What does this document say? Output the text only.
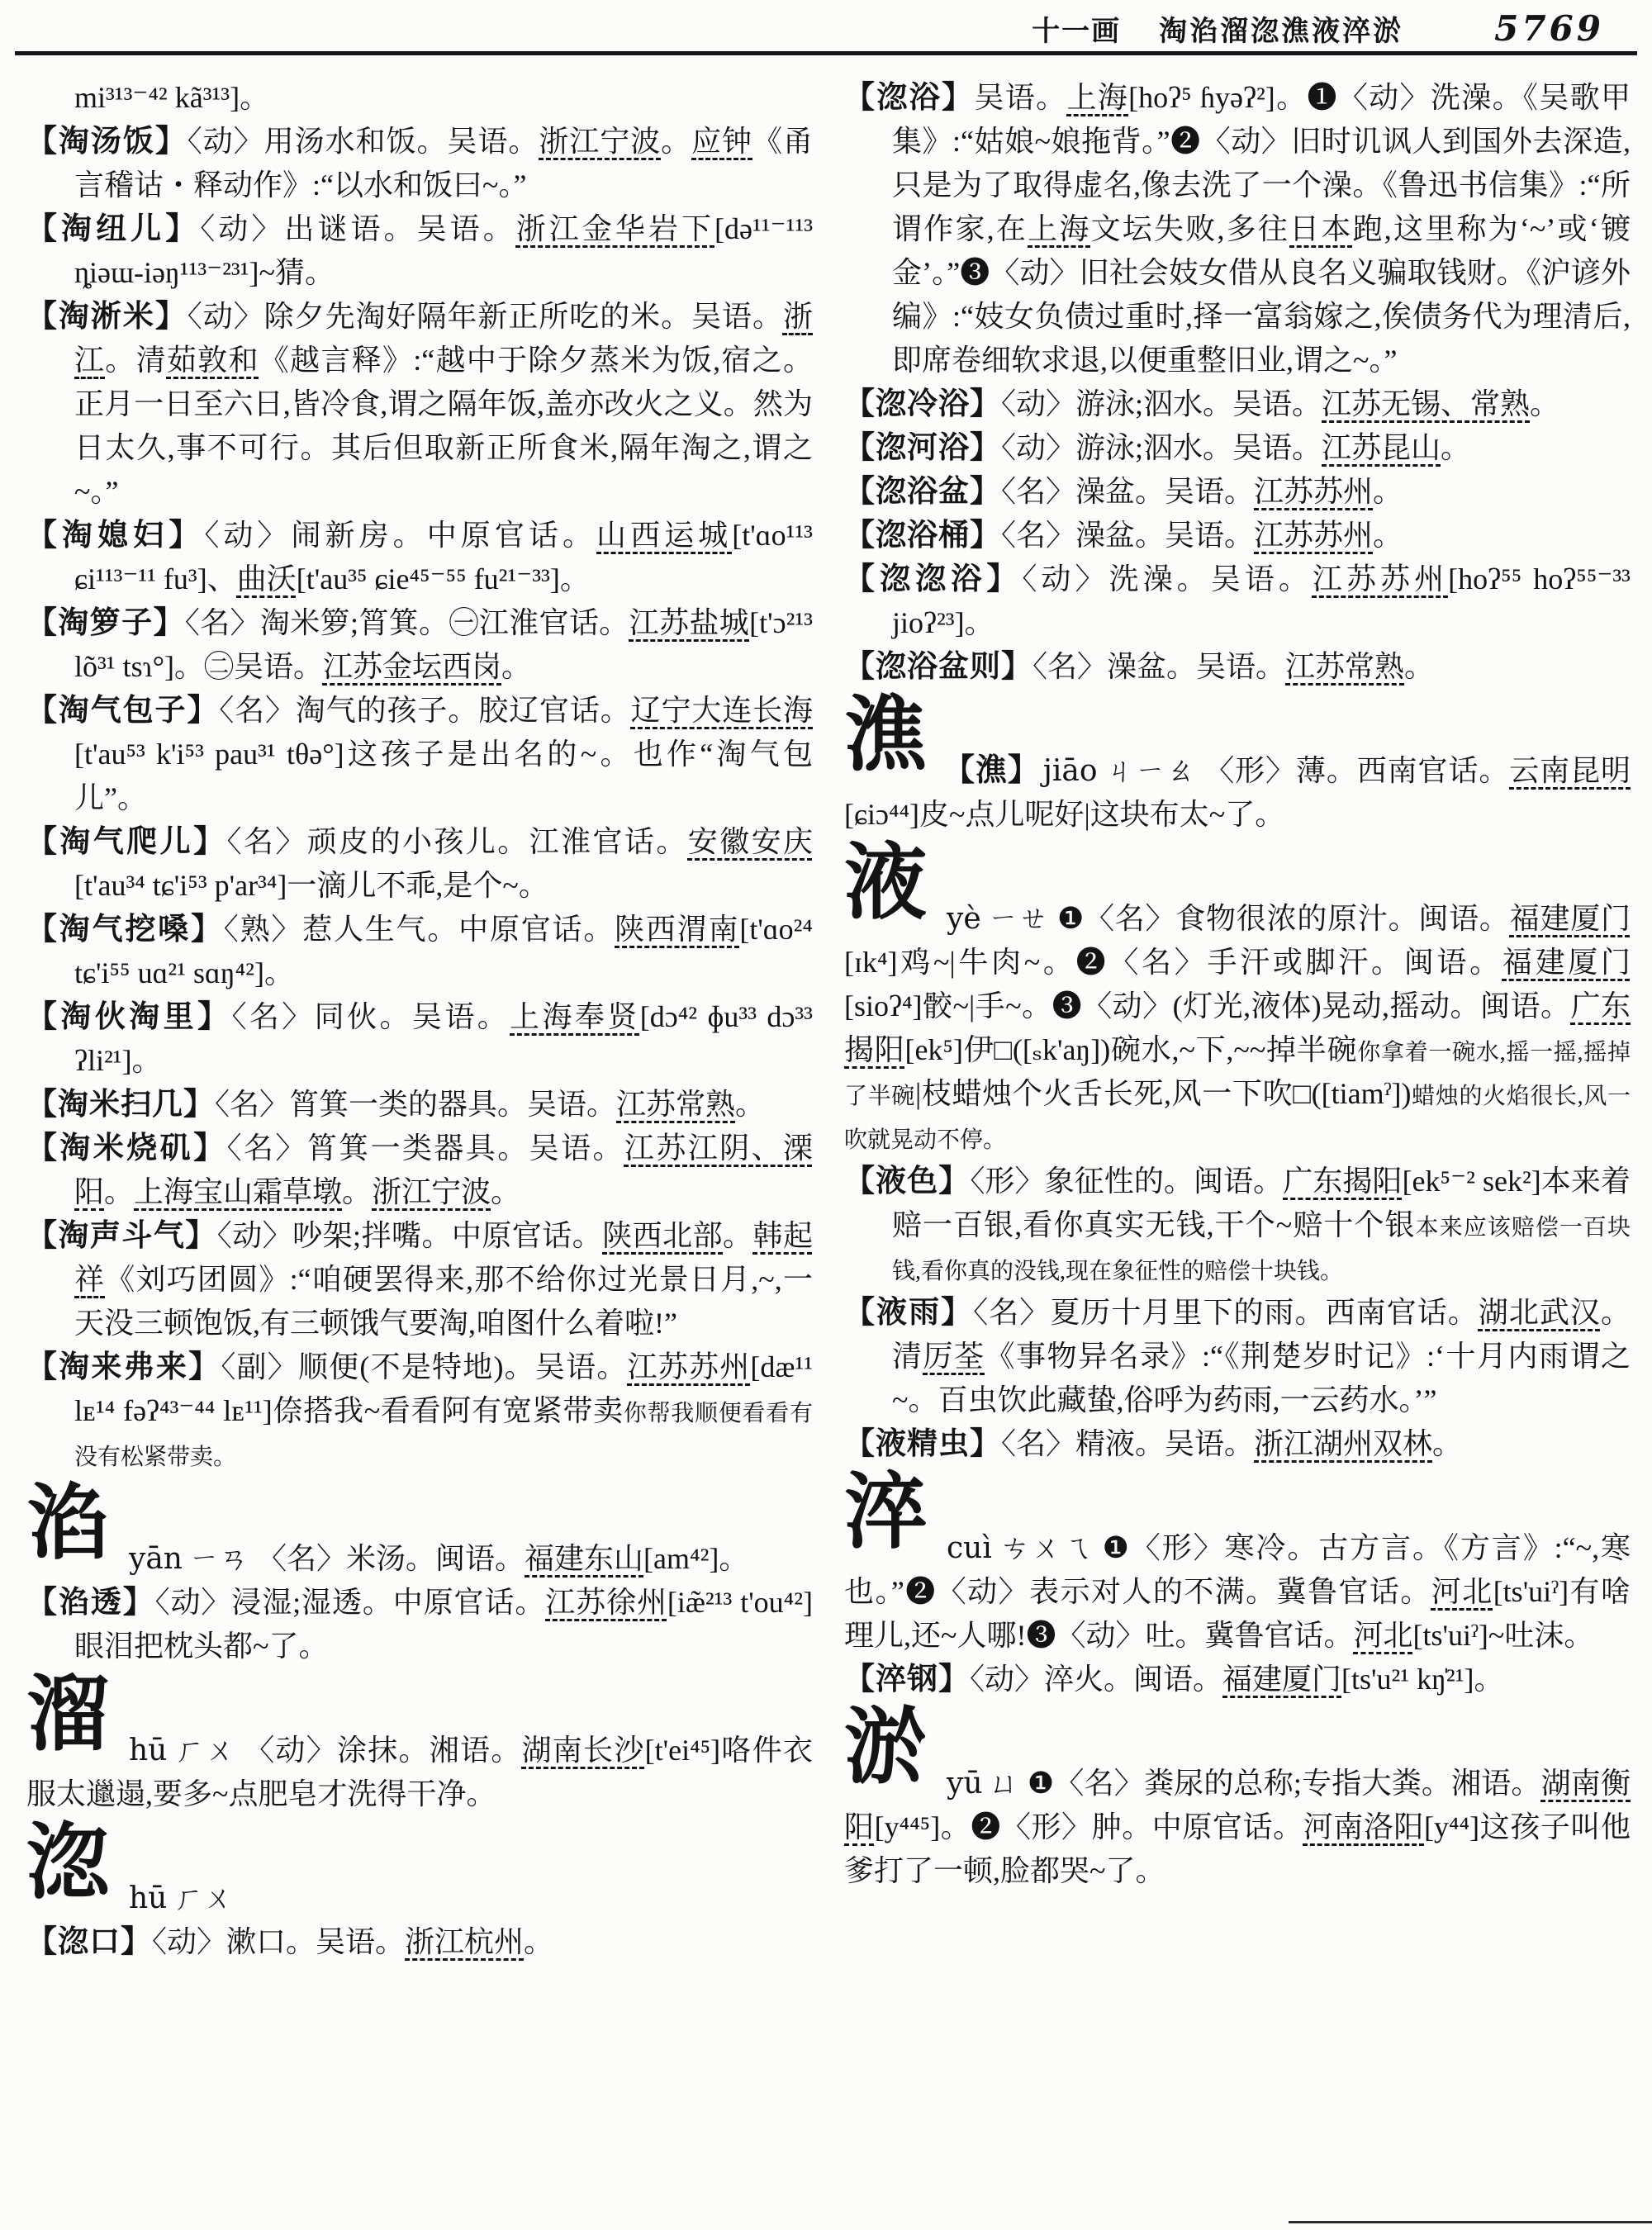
十一画 淘淊溜淴潐液淬淤	5769
mi³¹³⁻⁴² kã³¹³]。
【淘汤饭】〈动〉用汤水和饭。吴语。浙江宁波。应钟《甬言稽诂・释动作》:“以水和饭曰~。”
【淘纽儿】〈动〉出谜语。吴语。浙江金华岩下[də¹¹⁻¹¹³ ȵiəɯ-iəŋ¹¹³⁻²³¹]~猜。
【淘淅米】〈动〉除夕先淘好隔年新正所吃的米。吴语。浙江。清茹敦和《越言释》:“越中于除夕蒸米为饭,宿之。正月一日至六日,皆冷食,谓之隔年饭,盖亦改火之义。然为日太久,事不可行。其后但取新正所食米,隔年淘之,谓之~。”
【淘媳妇】〈动〉闹新房。中原官话。山西运城[t'ɑo¹¹³ ɕi¹¹³⁻¹¹ fu³]、曲沃[t'au³⁵ ɕie⁴⁵⁻⁵⁵ fu²¹⁻³³]。
【淘箩子】〈名〉淘米箩;筲箕。㊀江淮官话。江苏盐城[t'ɔ²¹³ lõ³¹ tsɿ°]。㊁吴语。江苏金坛西岗。
【淘气包子】〈名〉淘气的孩子。胶辽官话。辽宁大连长海[t'au⁵³ k'i⁵³ pau³¹ tθə°]这孩子是出名的~。也作“淘气包儿”。
【淘气爬儿】〈名〉顽皮的小孩儿。江淮官话。安徽安庆[t'au³⁴ tɕ'i⁵³ p'ar³⁴]一滴儿不乖,是个~。
【淘气挖嗓】〈熟〉惹人生气。中原官话。陕西渭南[t'ɑo²⁴ tɕ'i⁵⁵ uɑ²¹ sɑŋ⁴²]。
【淘伙淘里】〈名〉同伙。吴语。上海奉贤[dɔ⁴² ɸu³³ dɔ³³ ʔli²¹]。
【淘米扫几】〈名〉筲箕一类的器具。吴语。江苏常熟。
【淘米烧矶】〈名〉筲箕一类器具。吴语。江苏江阴、溧阳。上海宝山霜草墩。浙江宁波。
【淘声斗气】〈动〉吵架;拌嘴。中原官话。陕西北部。韩起祥《刘巧团圆》:“咱硬罢得来,那不给你过光景日月,~,一天没三顿饱饭,有三顿饿气要淘,咱图什么着啦!”
【淘来弗来】〈副〉顺便(不是特地)。吴语。江苏苏州[dæ¹¹ lᴇ¹⁴ fəʔ⁴³⁻⁴⁴ lᴇ¹¹]倷搭我~看看阿有宽紧带卖你帮我顺便看看有没有松紧带卖。
淊yān ㄧㄢ 〈名〉米汤。闽语。福建东山[am⁴²]。
【淊透】〈动〉浸湿;湿透。中原官话。江苏徐州[iæ̃²¹³ t'ou⁴²]眼泪把枕头都~了。
溜hū ㄏㄨ 〈动〉涂抹。湘语。湖南长沙[t'ei⁴⁵]咯件衣服太邋遢,要多~点肥皂才洗得干净。
淴hū ㄏㄨ
【淴口】〈动〉漱口。吴语。浙江杭州。
【淴浴】吴语。上海[hoʔ⁵ ɦyəʔ²]。❶〈动〉洗澡。《吴歌甲集》:“姑娘~娘拖背。”❷〈动〉旧时讥讽人到国外去深造,只是为了取得虚名,像去洗了一个澡。《鲁迅书信集》:“所谓作家,在上海文坛失败,多往日本跑,这里称为‘~’或‘镀金’。”❸〈动〉旧社会妓女借从良名义骗取钱财。《沪谚外编》:“妓女负债过重时,择一富翁嫁之,俟债务代为理清后,即席卷细软求退,以便重整旧业,谓之~。”
【淴冷浴】〈动〉游泳;泅水。吴语。江苏无锡、常熟。
【淴河浴】〈动〉游泳;泅水。吴语。江苏昆山。
【淴浴盆】〈名〉澡盆。吴语。江苏苏州。
【淴浴桶】〈名〉澡盆。吴语。江苏苏州。
【淴淴浴】〈动〉洗澡。吴语。江苏苏州[hoʔ⁵⁵ hoʔ⁵⁵⁻³³ jioʔ²³]。
【淴浴盆则】〈名〉澡盆。吴语。江苏常熟。
潐 【潐】 jiāo ㄐㄧㄠ 〈形〉薄。西南官话。云南昆明[ɕiɔ⁴⁴]皮~点儿呢好|这块布太~了。
液yè ㄧㄝ ❶〈名〉食物很浓的原汁。闽语。福建厦门[ɪk⁴]鸡~|牛肉~。❷〈名〉手汗或脚汗。闽语。福建厦门[sioʔ⁴]骹~|手~。❸〈动〉(灯光,液体)晃动,摇动。闽语。广东揭阳[ek⁵]伊□([ₛk'aŋ])碗水,~下,~~掉半碗你拿着一碗水,摇一摇,摇掉了半碗|枝蜡烛个火舌长死,风一下吹□([tiamˀ])蜡烛的火焰很长,风一吹就晃动不停。
【液色】〈形〉象征性的。闽语。广东揭阳[ek⁵⁻² sek²]本来着赔一百银,看你真实无钱,干个~赔十个银本来应该赔偿一百块钱,看你真的没钱,现在象征性的赔偿十块钱。
【液雨】〈名〉夏历十月里下的雨。西南官话。湖北武汉。清厉荃《事物异名录》:“《荆楚岁时记》:‘十月内雨谓之~。百虫饮此藏蛰,俗呼为药雨,一云药水。’”
【液精虫】〈名〉精液。吴语。浙江湖州双林。
淬cuì ㄘㄨㄟ ❶〈形〉寒冷。古方言。《方言》:“~,寒也。”❷〈动〉表示对人的不满。冀鲁官话。河北[ts'uiˀ]有啥理儿,还~人哪!❸〈动〉吐。冀鲁官话。河北[ts'uiˀ]~吐沫。
【淬钢】〈动〉淬火。闽语。福建厦门[ts'u²¹ kŋ̍²¹]。
淤yū ㄩ ❶〈名〉粪尿的总称;专指大粪。湘语。湖南衡阳[y⁴⁴⁵]。❷〈形〉肿。中原官话。河南洛阳[y⁴⁴]这孩子叫他爹打了一顿,脸都哭~了。
